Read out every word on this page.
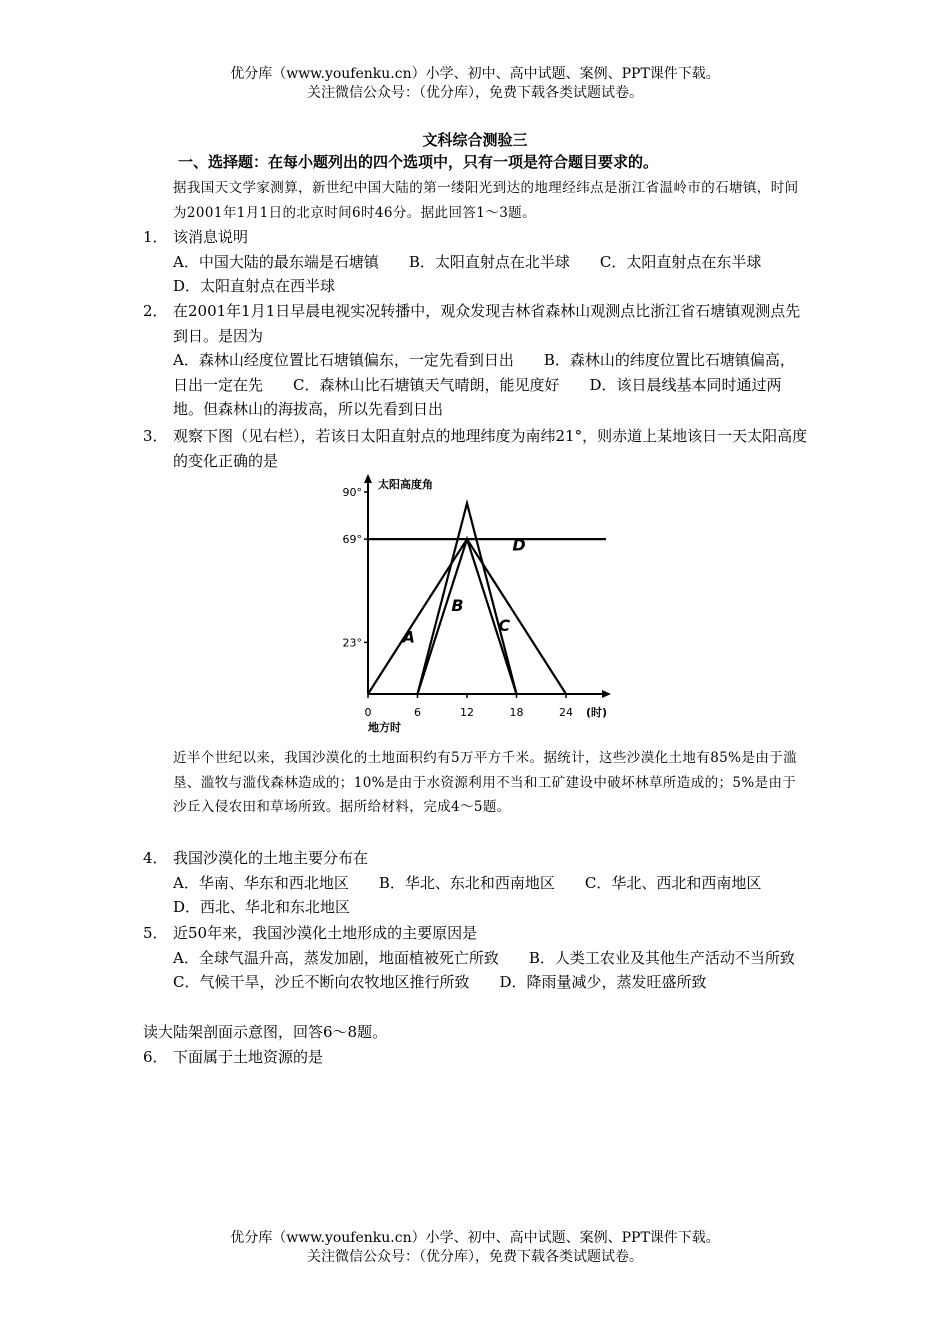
优分库（www.youfenku.cn）小学、初中、高中试题、案例、PPT课件下载。
关注微信公众号：（优分库），免费下载各类试题试卷。
文科综合测验三
一、选择题：在每小题列出的四个选项中，只有一项是符合题目要求的。
据我国天文学家测算，新世纪中国大陆的第一缕阳光到达的地理经纬点是浙江省温岭市的石塘镇，时间为2001年1月1日的北京时间6时46分。据此回答1～3题。
1． 该消息说明
A．中国大陆的最东端是石塘镇　　B．太阳直射点在北半球　　C．太阳直射点在东半球　　D．太阳直射点在西半球
2． 在2001年1月1日早晨电视实况转播中，观众发现吉林省森林山观测点比浙江省石塘镇观测点先到日。是因为
A．森林山经度位置比石塘镇偏东，一定先看到日出　　B．森林山的纬度位置比石塘镇偏高，日出一定在先　　C．森林山比石塘镇天气晴朗，能见度好　　D．该日晨线基本同时通过两地。但森林山的海拔高，所以先看到日出
3． 观察下图（见右栏），若该日太阳直射点的地理纬度为南纬21°，则赤道上某地该日一天太阳高度的变化正确的是
太阳高度角
90°
69°
23°
0	6	12	18	24
A
B
C
D
(时)
地方时
近半个世纪以来，我国沙漠化的土地面积约有5万平方千米。据统计，这些沙漠化土地有85%是由于滥垦、滥牧与滥伐森林造成的；10%是由于水资源利用不当和工矿建设中破坏林草所造成的；5%是由于沙丘入侵农田和草场所致。据所给材料，完成4～5题。
4． 我国沙漠化的土地主要分布在
A．华南、华东和西北地区　　B．华北、东北和西南地区　　C．华北、西北和西南地区　　D．西北、华北和东北地区
5． 近50年来，我国沙漠化土地形成的主要原因是
A．全球气温升高，蒸发加剧，地面植被死亡所致　　B．人类工农业及其他生产活动不当所致　　C．气候干旱，沙丘不断向农牧地区推行所致　　D．降雨量减少，蒸发旺盛所致
读大陆架剖面示意图，回答6～8题。
6． 下面属于土地资源的是
优分库（www.youfenku.cn）小学、初中、高中试题、案例、PPT课件下载。
关注微信公众号：（优分库），免费下载各类试题试卷。
